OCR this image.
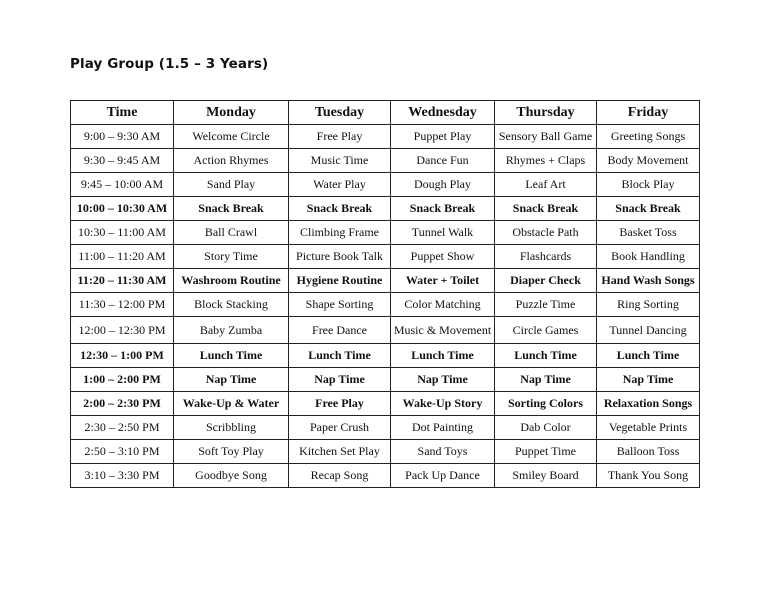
Play Group (1.5 – 3 Years)
Time	Monday	Tuesday	Wednesday	Thursday	Friday
9:00 – 9:30 AM	Welcome Circle	Free Play	Puppet Play	Sensory Ball Game	Greeting Songs
9:30 – 9:45 AM	Action Rhymes	Music Time	Dance Fun	Rhymes + Claps	Body Movement
9:45 – 10:00 AM	Sand Play	Water Play	Dough Play	Leaf Art	Block Play
10:00 – 10:30 AM	Snack Break	Snack Break	Snack Break	Snack Break	Snack Break
10:30 – 11:00 AM	Ball Crawl	Climbing Frame	Tunnel Walk	Obstacle Path	Basket Toss
11:00 – 11:20 AM	Story Time	Picture Book Talk	Puppet Show	Flashcards	Book Handling
11:20 – 11:30 AM	Washroom Routine	Hygiene Routine	Water + Toilet	Diaper Check	Hand Wash Songs
11:30 – 12:00 PM	Block Stacking	Shape Sorting	Color Matching	Puzzle Time	Ring Sorting
12:00 – 12:30 PM	Baby Zumba	Free Dance	Music & Movement	Circle Games	Tunnel Dancing
12:30 – 1:00 PM	Lunch Time	Lunch Time	Lunch Time	Lunch Time	Lunch Time
1:00 – 2:00 PM	Nap Time	Nap Time	Nap Time	Nap Time	Nap Time
2:00 – 2:30 PM	Wake-Up & Water	Free Play	Wake-Up Story	Sorting Colors	Relaxation Songs
2:30 – 2:50 PM	Scribbling	Paper Crush	Dot Painting	Dab Color	Vegetable Prints
2:50 – 3:10 PM	Soft Toy Play	Kitchen Set Play	Sand Toys	Puppet Time	Balloon Toss
3:10 – 3:30 PM	Goodbye Song	Recap Song	Pack Up Dance	Smiley Board	Thank You Song
